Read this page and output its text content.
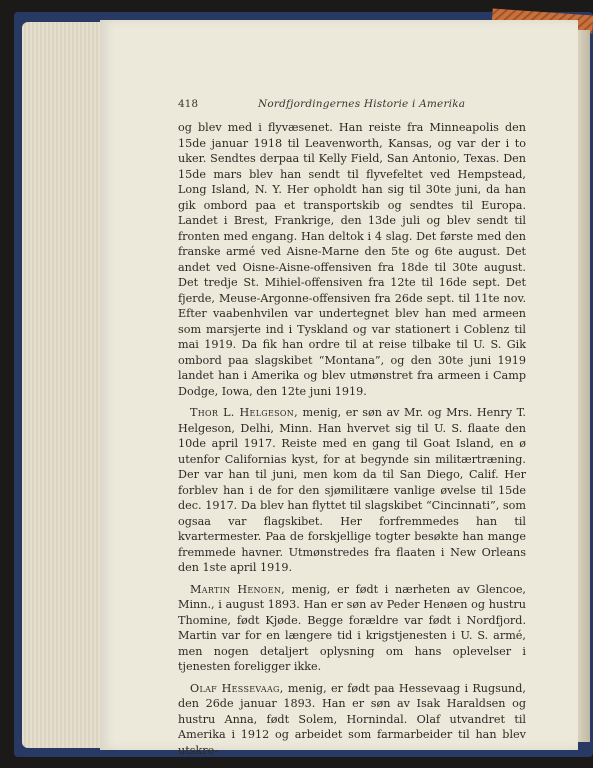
418	Nordfjordingernes Historie i Amerika

og blev med i flyvæsenet. Han reiste fra Minneapolis den 15de januar 1918 til Leavenworth, Kansas, og var der i to uker. Sendtes derpaa til Kelly Field, San Antonio, Texas. Den 15de mars blev han sendt til flyvefeltet ved Hempstead, Long Island, N. Y. Her opholdt han sig til 30te juni, da han gik ombord paa et transportskib og sendtes til Europa. Landet i Brest, Frankrige, den 13de juli og blev sendt til fronten med engang. Han deltok i 4 slag. Det første med den franske armé ved Aisne-Marne den 5te og 6te august. Det andet ved Oisne-Aisne-offensiven fra 18de til 30te august. Det tredje St. Mihiel-offensiven fra 12te til 16de sept. Det fjerde, Meuse-Argonne-offensiven fra 26de sept. til 11te nov. Efter vaabenhvilen var undertegnet blev han med armeen som marsjerte ind i Tyskland og var stationert i Coblenz til mai 1919. Da fik han ordre til at reise tilbake til U. S. Gik ombord paa slagskibet “Montana”, og den 30te juni 1919 landet han i Amerika og blev utmønstret fra armeen i Camp Dodge, Iowa, den 12te juni 1919.

Thor L. Helgeson, menig, er søn av Mr. og Mrs. Henry T. Helgeson, Delhi, Minn. Han hvervet sig til U. S. flaate den 10de april 1917. Reiste med en gang til Goat Island, en ø utenfor Californias kyst, for at begynde sin militærtræning. Der var han til juni, men kom da til San Diego, Calif. Her forblev han i de for den sjømilitære vanlige øvelse til 15de dec. 1917. Da blev han flyttet til slagskibet “Cincinnati”, som ogsaa var flagskibet. Her forfremmedes han til kvartermester. Paa de forskjellige togter besøkte han mange fremmede havner. Utmønstredes fra flaaten i New Orleans den 1ste april 1919.

Martin Henoen, menig, er født i nærheten av Glencoe, Minn., i august 1893. Han er søn av Peder Henøen og hustru Thomine, født Kjøde. Begge forældre var født i Nordfjord. Martin var for en længere tid i krigstjenesten i U. S. armé, men nogen detaljert oplysning om hans oplevelser i tjenesten foreligger ikke.

Olaf Hessevaag, menig, er født paa Hessevaag i Rugsund, den 26de januar 1893. Han er søn av Isak Haraldsen og hustru Anna, født Solem, Hornindal. Olaf utvandret til Amerika i 1912 og arbeidet som farmarbeider til han blev utskre-
